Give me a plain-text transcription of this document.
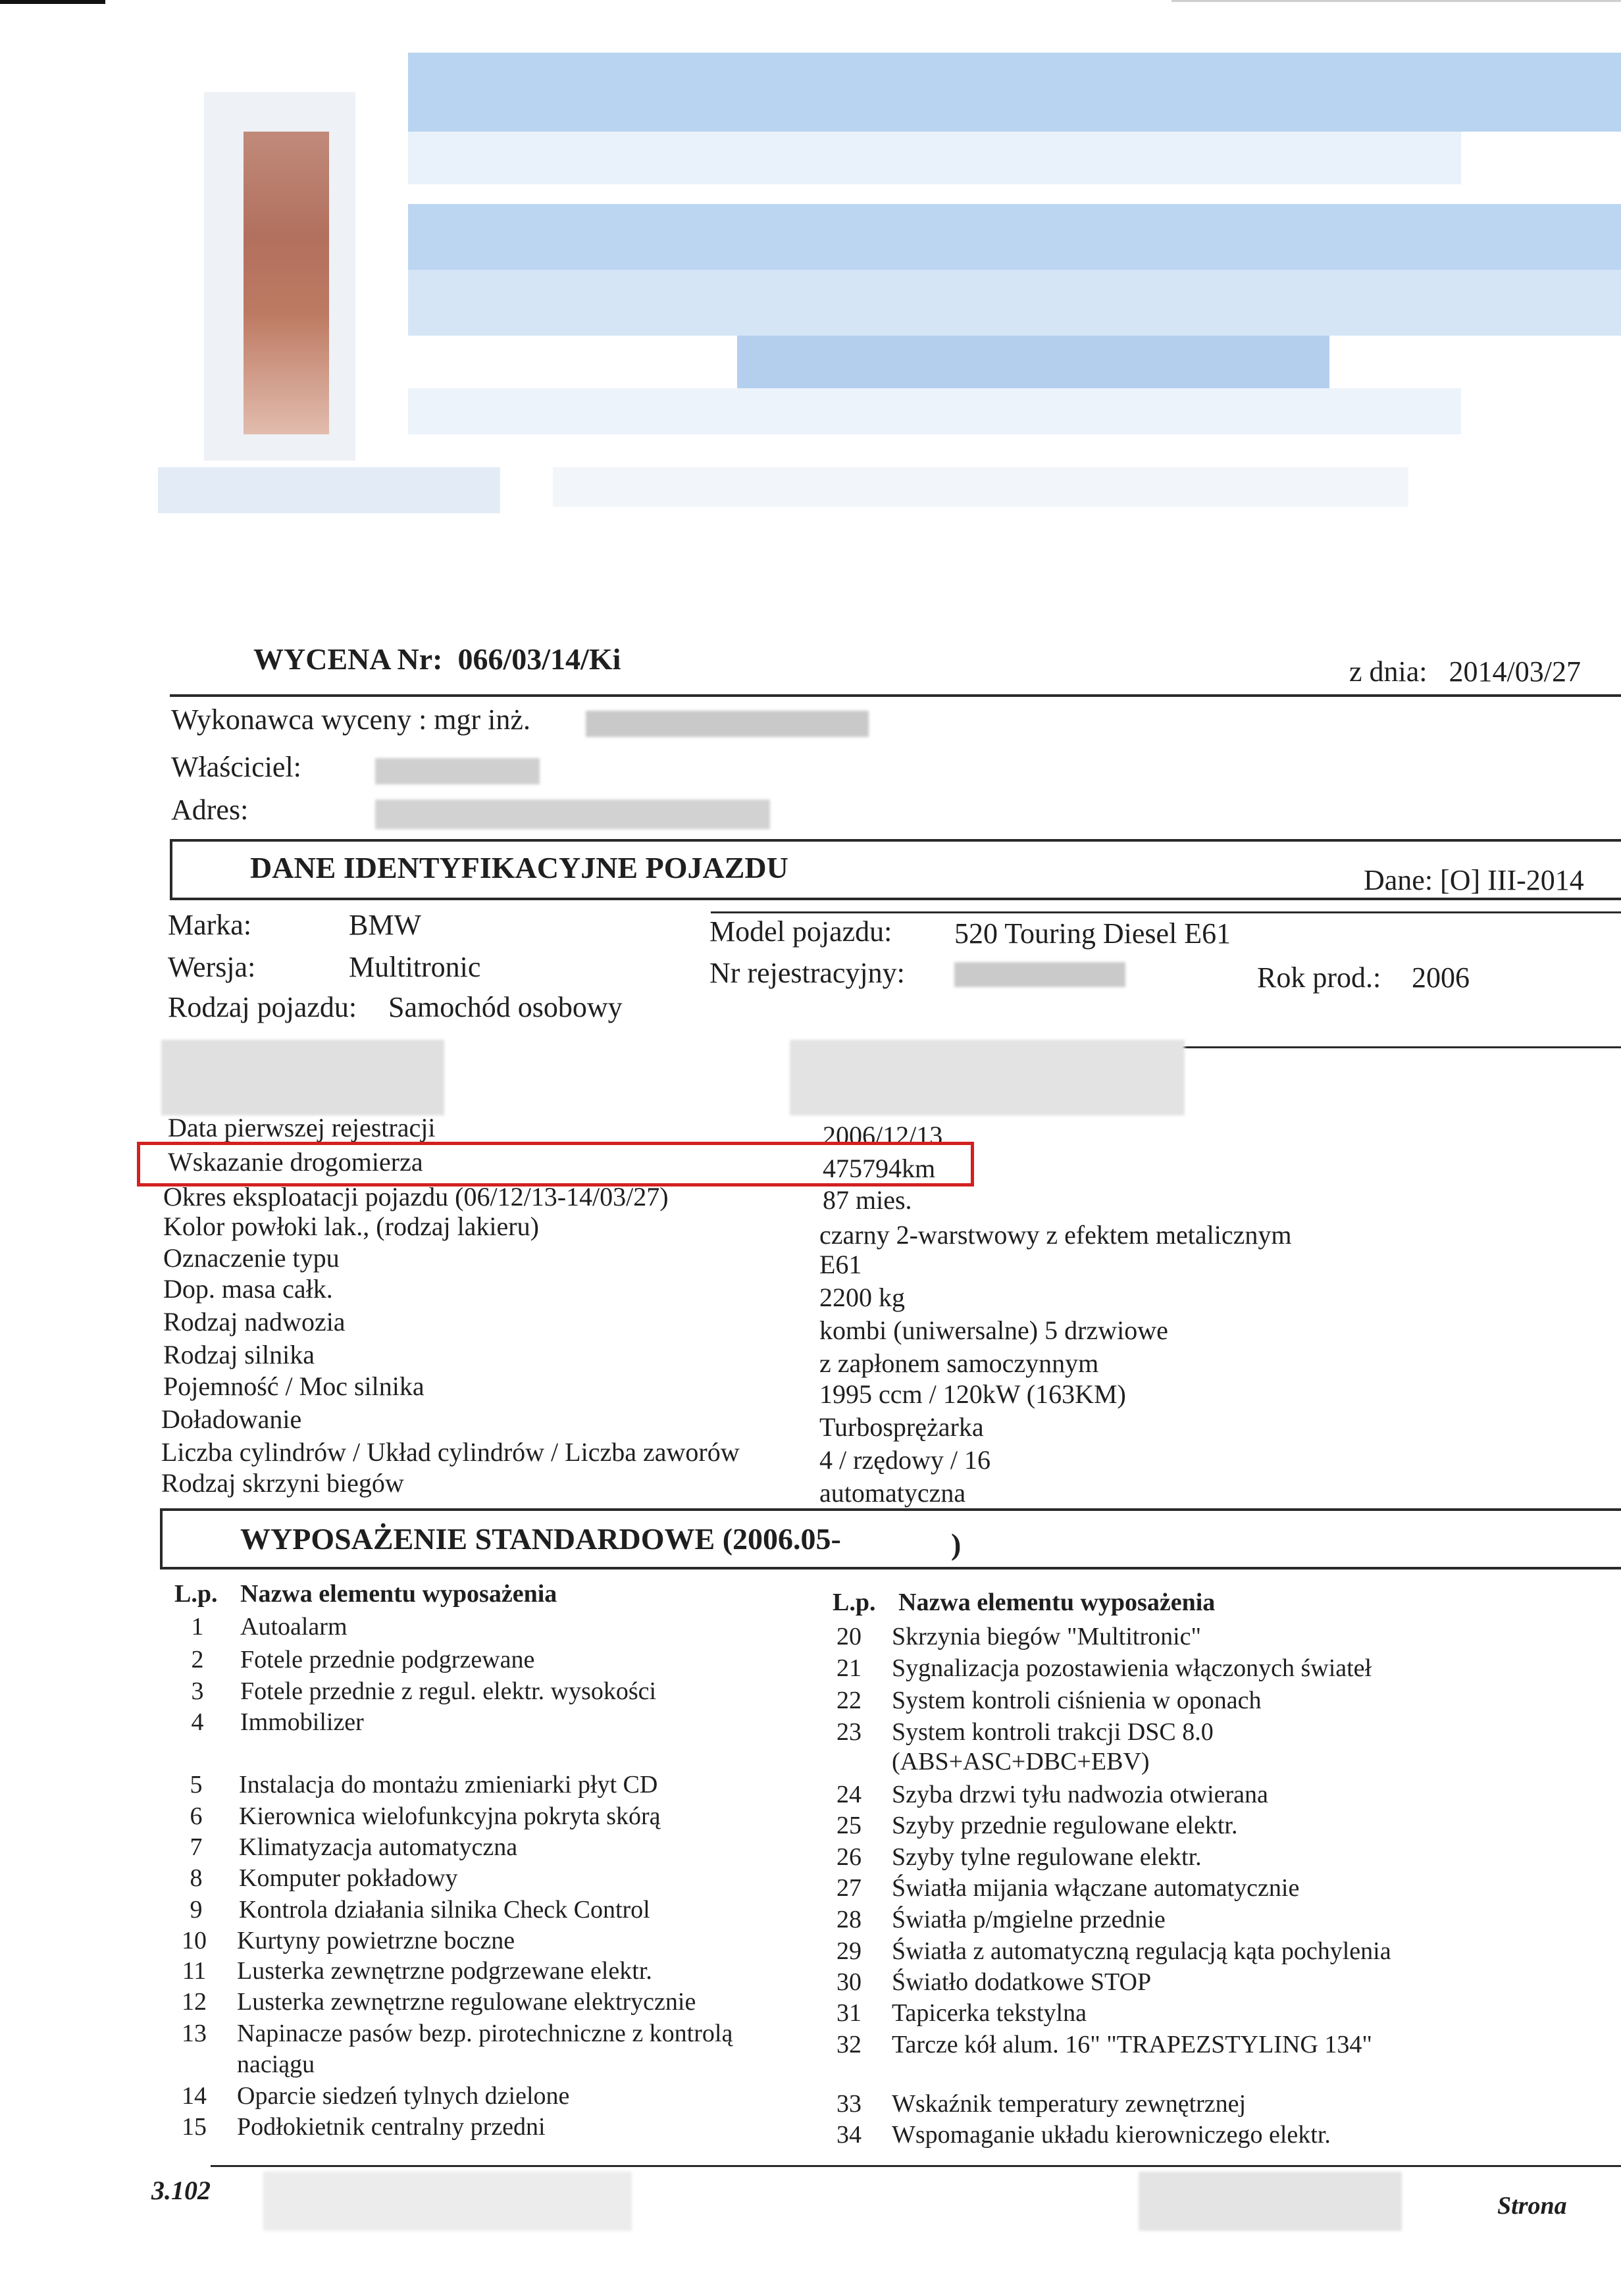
WYCENA Nr: 066/03/14/Ki	z dnia: 2014/03/27
Wykonawca wyceny : mgr inż.
Właściciel:
Adres:
DANE IDENTYFIKACYJNE POJAZDU	Dane: [O] III-2014
Marka:	BMW	Model pojazdu: 520 Touring Diesel E61
Wersja:	Multitronic	Nr rejestracyjny:	Rok prod.: 2006
Rodzaj pojazdu: Samochód osobowy
Data pierwszej rejestracji	2006/12/13
Wskazanie drogomierza	475794km
Okres eksploatacji pojazdu (06/12/13-14/03/27)	87 mies.
Kolor powłoki lak., (rodzaj lakieru)	czarny 2-warstwowy z efektem metalicznym
Oznaczenie typu	E61
Dop. masa całk.	2200 kg
Rodzaj nadwozia	kombi (uniwersalne) 5 drzwiowe
Rodzaj silnika	z zapłonem samoczynnym
Pojemność / Moc silnika	1995 ccm / 120kW (163KM)
Doładowanie	Turbosprężarka
Liczba cylindrów / Układ cylindrów / Liczba zaworów	4 / rzędowy / 16
Rodzaj skrzyni biegów	automatyczna
WYPOSAŻENIE STANDARDOWE (2006.05-	)
L.p. Nazwa elementu wyposażenia
1 Autoalarm
2 Fotele przednie podgrzewane
3 Fotele przednie z regul. elektr. wysokości
4 Immobilizer
5 Instalacja do montażu zmieniarki płyt CD
6 Kierownica wielofunkcyjna pokryta skórą
7 Klimatyzacja automatyczna
8 Komputer pokładowy
9 Kontrola działania silnika Check Control
10 Kurtyny powietrzne boczne
11 Lusterka zewnętrzne podgrzewane elektr.
12 Lusterka zewnętrzne regulowane elektrycznie
13 Napinacze pasów bezp. pirotechniczne z kontrolą
naciągu
14 Oparcie siedzeń tylnych dzielone
15 Podłokietnik centralny przedni
L.p. Nazwa elementu wyposażenia
20 Skrzynia biegów "Multitronic"
21 Sygnalizacja pozostawienia włączonych świateł
22 System kontroli ciśnienia w oponach
23 System kontroli trakcji DSC 8.0
(ABS+ASC+DBC+EBV)
24 Szyba drzwi tyłu nadwozia otwierana
25 Szyby przednie regulowane elektr.
26 Szyby tylne regulowane elektr.
27 Światła mijania włączane automatycznie
28 Światła p/mgielne przednie
29 Światła z automatyczną regulacją kąta pochylenia
30 Światło dodatkowe STOP
31 Tapicerka tekstylna
32 Tarcze kół alum. 16" "TRAPEZSTYLING 134"
33 Wskaźnik temperatury zewnętrznej
34 Wspomaganie układu kierowniczego elektr.
3.102
Strona
